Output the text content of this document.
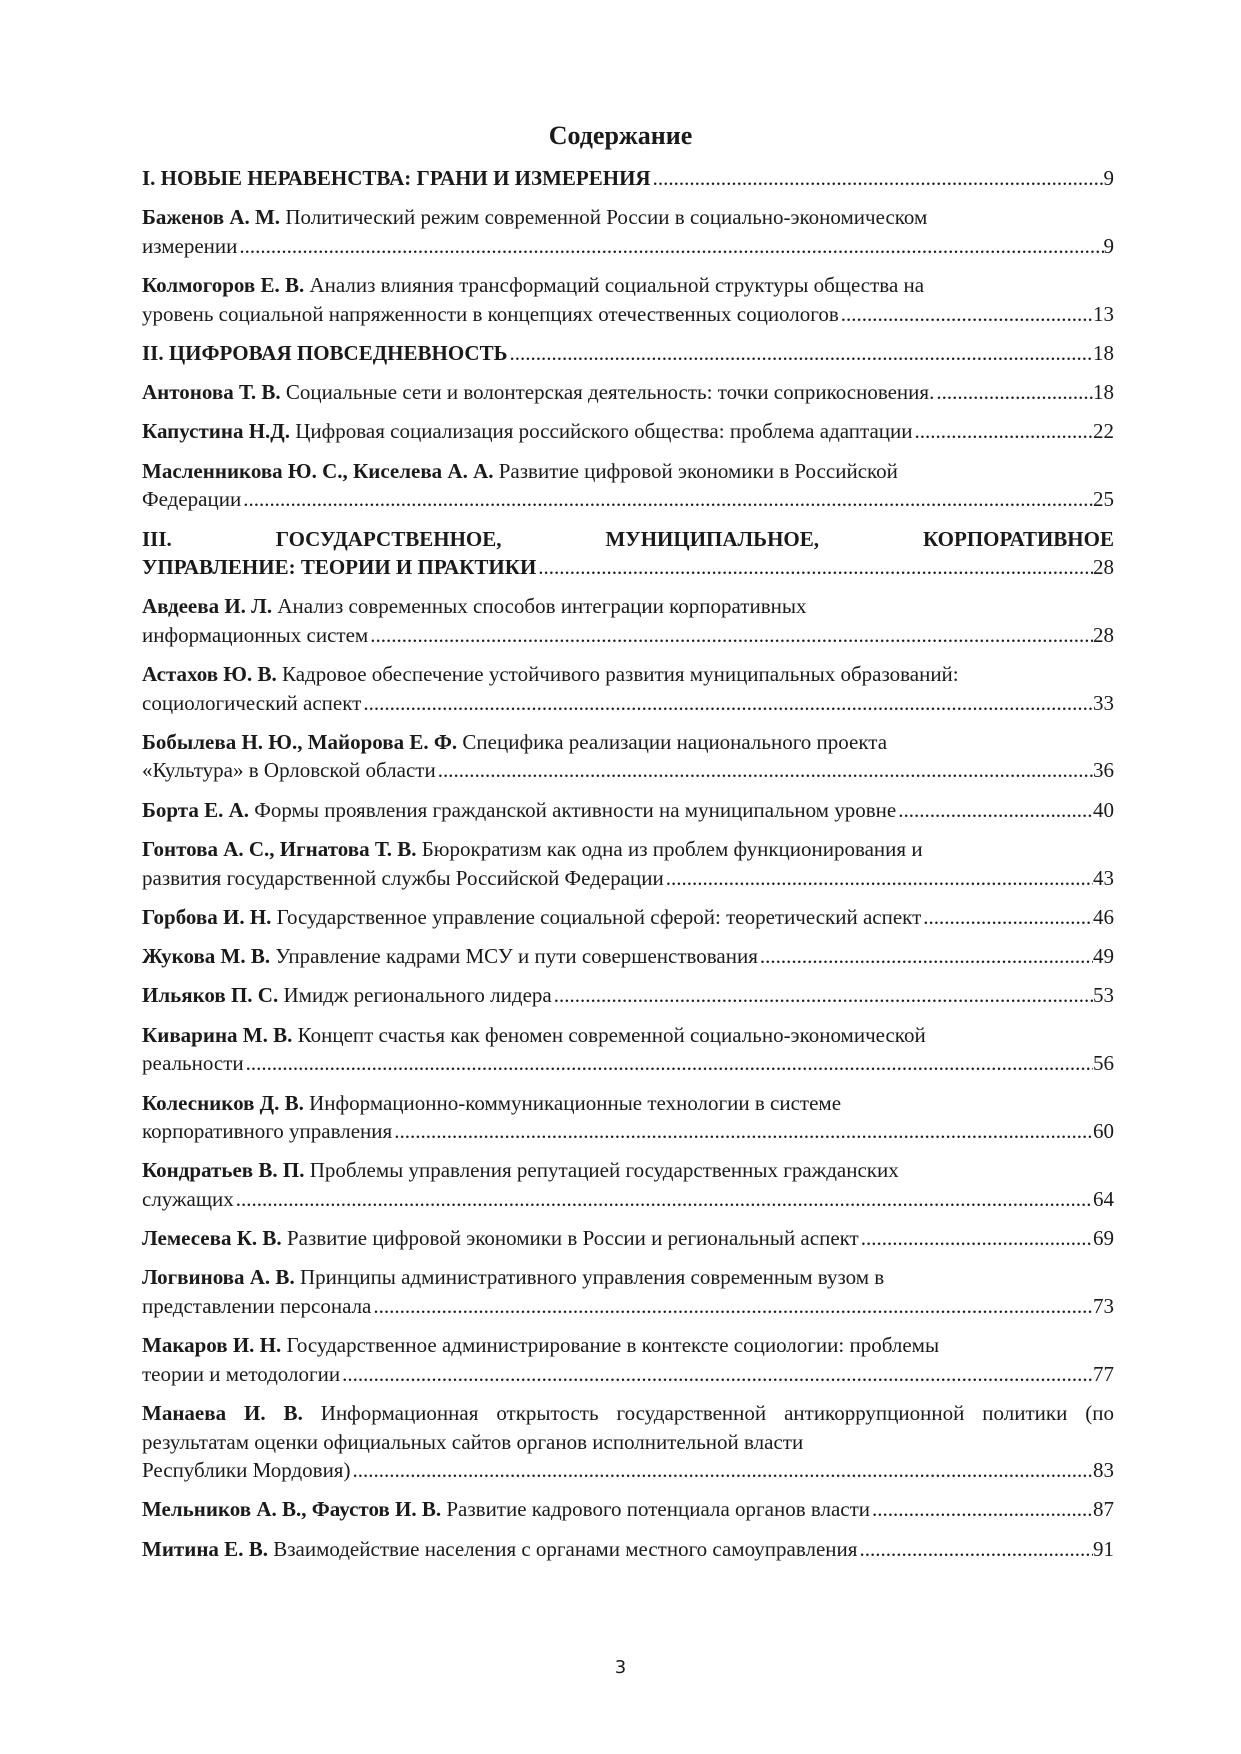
Содержание
I. НОВЫЕ НЕРАВЕНСТВА: ГРАНИ И ИЗМЕРЕНИЯ .....	9
Баженов А. М. Политический режим современной России в социально-экономическом
измерении .....	9
Колмогоров Е. В. Анализ влияния трансформаций социальной структуры общества на
уровень социальной напряженности в концепциях отечественных социологов .....	13
II. ЦИФРОВАЯ ПОВСЕДНЕВНОСТЬ .....	18
Антонова Т. В. Социальные сети и волонтерская деятельность: точки соприкосновения. .....	18
Капустина Н.Д. Цифровая социализация российского общества: проблема адаптации .....	22
Масленникова Ю. С., Киселева А. А. Развитие цифровой экономики в Российской
Федерации .....	25
III. ГОСУДАРСТВЕННОЕ, МУНИЦИПАЛЬНОЕ, КОРПОРАТИВНОЕ
УПРАВЛЕНИЕ: ТЕОРИИ И ПРАКТИКИ .....	28
Авдеева И. Л. Анализ современных способов интеграции корпоративных
информационных систем .....	28
Астахов Ю. В. Кадровое обеспечение устойчивого развития муниципальных образований:
социологический аспект .....	33
Бобылева Н. Ю., Майорова Е. Ф. Специфика реализации национального проекта
«Культура» в Орловской области .....	36
Борта Е. А. Формы проявления гражданской активности на муниципальном уровне .....	40
Гонтова А. С., Игнатова Т. В. Бюрократизм как одна из проблем функционирования и
развития государственной службы Российской Федерации .....	43
Горбова И. Н. Государственное управление социальной сферой: теоретический аспект .....	46
Жукова М. В. Управление кадрами МСУ и пути совершенствования .....	49
Ильяков П. С. Имидж регионального лидера .....	53
Киварина М. В. Концепт счастья как феномен современной социально-экономической
реальности .....	56
Колесников Д. В. Информационно-коммуникационные технологии в системе
корпоративного управления .....	60
Кондратьев В. П. Проблемы управления репутацией государственных гражданских
служащих .....	64
Лемесева К. В. Развитие цифровой экономики в России и региональный аспект .....	69
Логвинова А. В. Принципы административного управления современным вузом в
представлении персонала .....	73
Макаров И. Н. Государственное администрирование в контексте социологии: проблемы
теории и методологии .....	77
Манаева И. В. Информационная открытость государственной антикоррупционной политики (по результатам оценки официальных сайтов органов исполнительной власти
Республики Мордовия) .....	83
Мельников А. В., Фаустов И. В. Развитие кадрового потенциала органов власти .....	87
Митина Е. В. Взаимодействие населения с органами местного самоуправления .....	91
3
